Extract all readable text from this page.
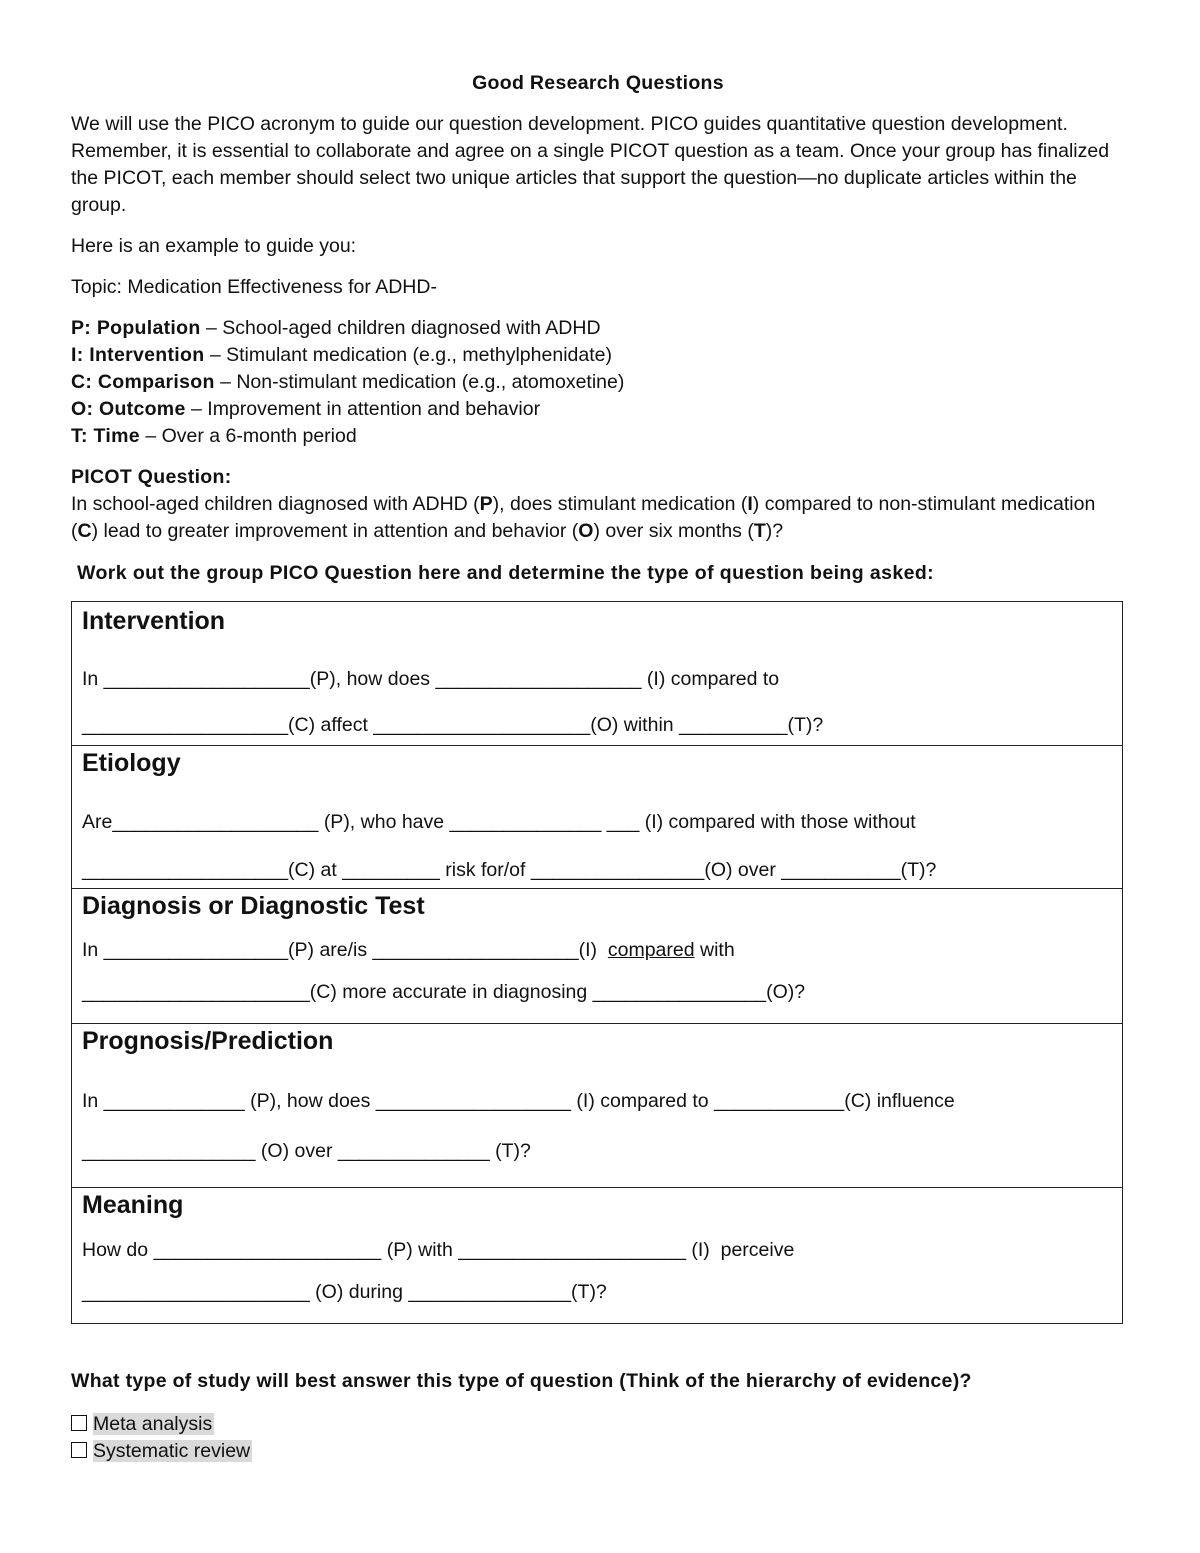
Good Research Questions

We will use the PICO acronym to guide our question development. PICO guides quantitative question development. Remember, it is essential to collaborate and agree on a single PICOT question as a team. Once your group has finalized the PICOT, each member should select two unique articles that support the question—no duplicate articles within the group.

Here is an example to guide you:

Topic: Medication Effectiveness for ADHD-

P: Population – School-aged children diagnosed with ADHD
I: Intervention – Stimulant medication (e.g., methylphenidate)
C: Comparison – Non-stimulant medication (e.g., atomoxetine)
O: Outcome – Improvement in attention and behavior
T: Time – Over a 6-month period
PICOT Question:

In school-aged children diagnosed with ADHD (P), does stimulant medication (I) compared to non-stimulant medication (C) lead to greater improvement in attention and behavior (O) over six months (T)?

Work out the group PICO Question here and determine the type of question being asked:
Intervention
In ___________________(P), how does ___________________ (I) compared to
___________________(C) affect ____________________(O) within __________(T)?
Etiology
Are___________________ (P), who have ______________ ___ (I) compared with those without
___________________(C) at _________ risk for/of ________________(O) over ___________(T)?
Diagnosis or Diagnostic Test
In _________________(P) are/is ___________________(I)  compared with
_____________________(C) more accurate in diagnosing ________________(O)?
Prognosis/Prediction
In _____________ (P), how does __________________ (I) compared to ____________(C) influence
________________ (O) over ______________ (T)?
Meaning
How do _____________________ (P) with _____________________ (I)  perceive
_____________________ (O) during _______________(T)?
What type of study will best answer this type of question (Think of the hierarchy of evidence)?
Meta analysis
Systematic review
